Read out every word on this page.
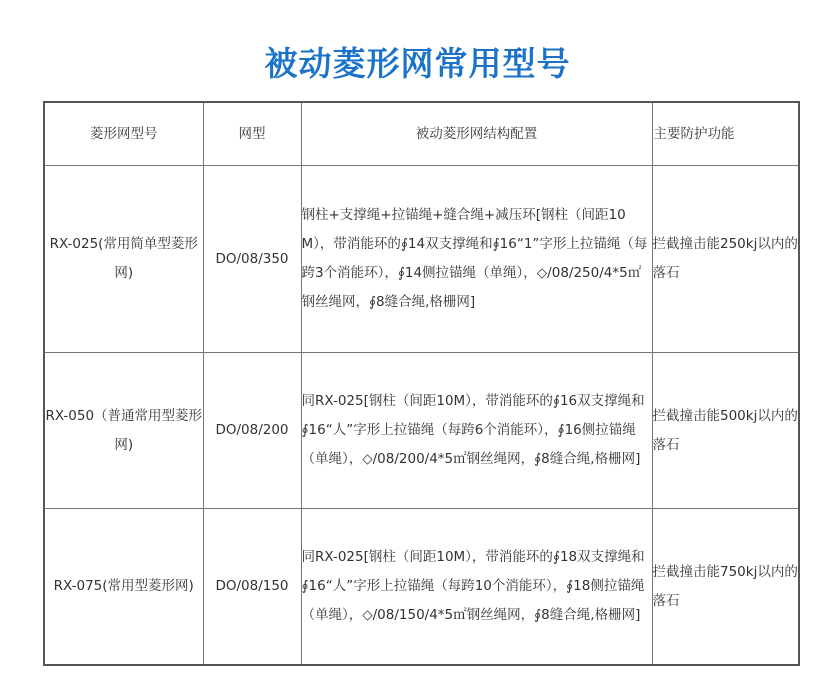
被动菱形网常用型号
菱形网型号	网型	被动菱形网结构配置	主要防护功能
RX-025(常用简单型菱形网)	DO/08/350	钢柱+支撑绳+拉锚绳+缝合绳+减压环[钢柱（间距10M），带消能环的∮14双支撑绳和∮16“1”字形上拉锚绳（每跨3个消能环），∮14侧拉锚绳（单绳），◇/08/250/4*5㎡钢丝绳网，∮8缝合绳,格栅网]	拦截撞击能250kj以内的落石
RX-050（普通常用型菱形网)	DO/08/200	同RX-025[钢柱（间距10M），带消能环的∮16双支撑绳和∮16“人”字形上拉锚绳（每跨6个消能环），∮16侧拉锚绳（单绳），◇/08/200/4*5㎡钢丝绳网，∮8缝合绳,格栅网]	拦截撞击能500kj以内的落石
RX-075(常用型菱形网)	DO/08/150	同RX-025[钢柱（间距10M），带消能环的∮18双支撑绳和∮16“人”字形上拉锚绳（每跨10个消能环），∮18侧拉锚绳（单绳），◇/08/150/4*5㎡钢丝绳网，∮8缝合绳,格栅网]	拦截撞击能750kj以内的落石
